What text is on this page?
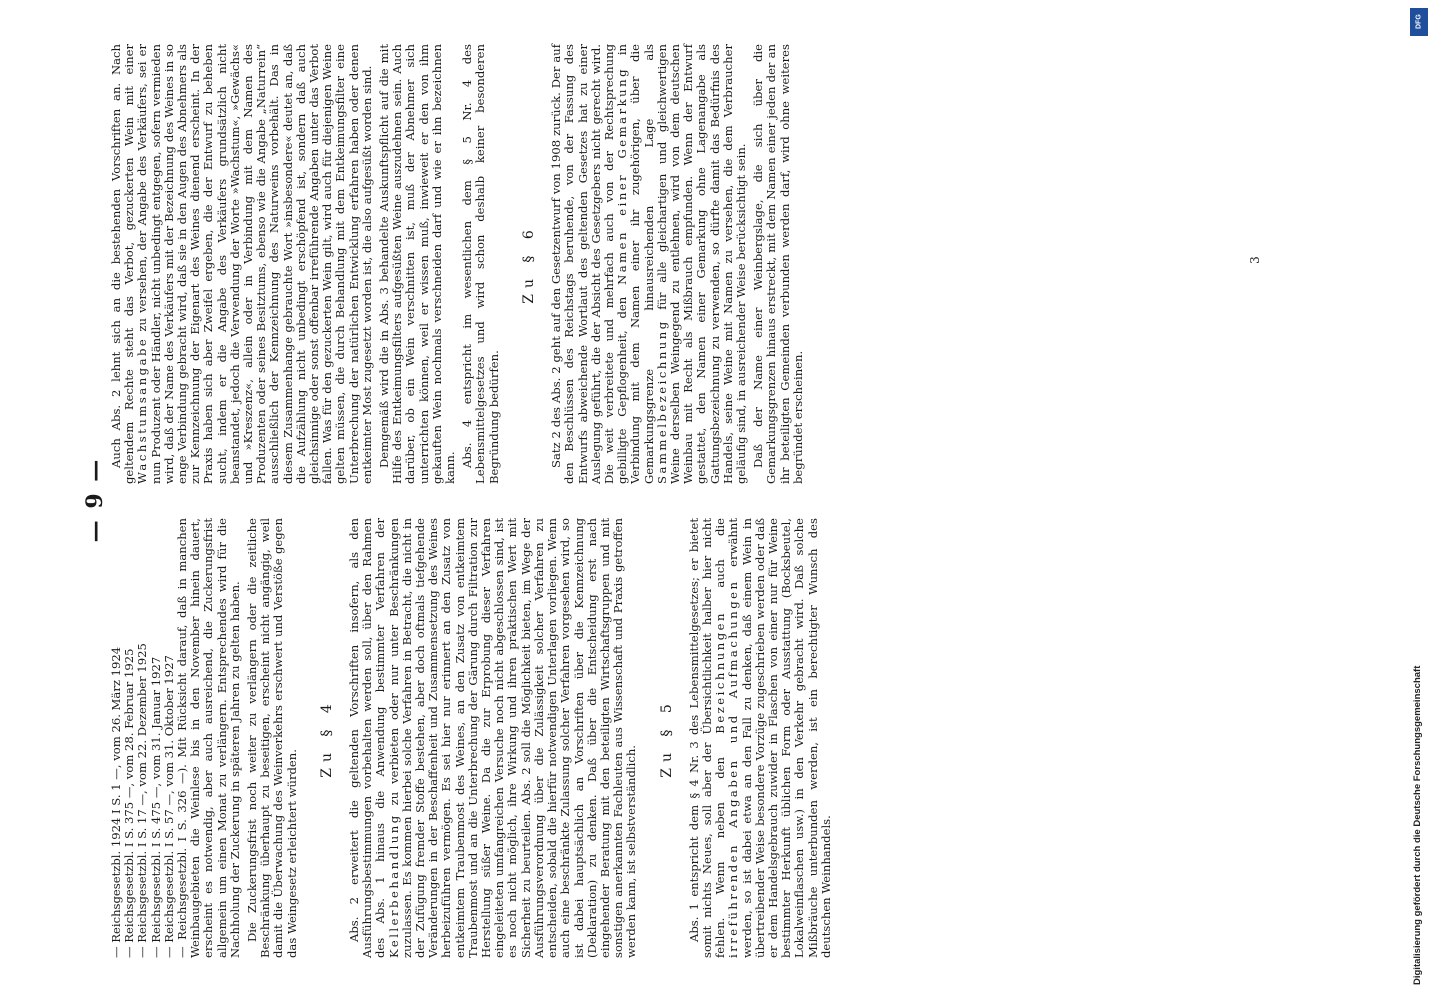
— 9 —
— Reichsgesetzbl. 1924 I S. 1 —, vom 26. März 1924 — Reichsgesetzbl. I S. 375 —, vom 28. Februar 1925 — Reichsgesetzbl. I S. 17 —, vom 22. Dezember 1925 — Reichsgesetzbl. I S. 475 —, vom 31. Januar 1927 — Reichsgesetzbl. I S. 57 —, vom 31. Oktober 1927 — Reichsgesetzbl. I S. 326 —). Mit Rücksicht darauf, daß in manchen Weinbaugebieten die Weinlese bis in den November hinein dauert, erscheint es notwendig, aber auch ausreichend, die Zuckerungsfrist allgemein um einen Monat zu verlängern. Entsprechendes wird für die Nachholung der Zuckerung in späteren Jahren zu gelten haben. Die Zuckerungsfrist noch weiter zu verlängern oder die zeitliche Beschränkung überhaupt zu beseitigen, erscheint nicht angängig, weil damit die Überwachung des Weinverkehrs erschwert und Verstöße gegen das Weingesetz erleichtert würden.

Zu § 4 Abs. 2 erweitert die geltenden Vorschriften insofern, als den Ausführungsbestimmungen vorbehalten werden soll, über den Rahmen des Abs. 1 hinaus die Anwendung bestimmter Verfahren der Kellerbehandlung zu verbieten oder nur unter Beschränkungen zuzulassen. Es kommen hierbei solche Verfahren in Betracht, die nicht in der Zufügung fremder Stoffe bestehen, aber doch oftmals tiefgehende Veränderungen in der Beschaffenheit und Zusammensetzung des Weines herbeizuführen vermögen. Es sei hier nur erinnert an den Zusatz von entkeimtem Traubenmost des Weines, an den Zusatz von entkeimtem Traubenmost und an die Unterbrechung der Gärung durch Filtration zur Herstellung süßer Weine. Da die zur Erprobung dieser Verfahren eingeleiteten umfangreichen Versuche noch nicht abgeschlossen sind, ist es noch nicht möglich, ihre Wirkung und ihren praktischen Wert mit Sicherheit zu beurteilen. Abs. 2 soll die Möglichkeit bieten, im Wege der Ausführungsverordnung über die Zulässigkeit solcher Verfahren zu entscheiden, sobald die hierfür notwendigen Unterlagen vorliegen. Wenn auch eine beschränkte Zulassung solcher Verfahren vorgesehen wird, so ist dabei hauptsächlich an Vorschriften über die Kennzeichnung (Deklaration) zu denken. Daß über die Entscheidung erst nach eingehender Beratung mit den beteiligten Wirtschaftsgruppen und mit sonstigen anerkannten Fachleuten aus Wissenschaft und Praxis getroffen werden kann, ist selbstverständlich.

Zu § 5 Abs. 1 entspricht dem § 4 Nr. 3 des Lebensmittelgesetzes; er bietet somit nichts Neues, soll aber der Übersichtlichkeit halber hier nicht fehlen. Wenn neben den Bezeichnungen auch die irreführenden Angaben und Aufmachungen erwähnt werden, so ist dabei etwa an den Fall zu denken, daß einem Wein in übertreibender Weise besondere Vorzüge zugeschrieben werden oder daß er dem Handelsgebrauch zuwider in Flaschen von einer nur für Weine bestimmter Herkunft üblichen Form oder Ausstattung (Bocksbeutel, Lokalweinflaschen usw.) in den Verkehr gebracht wird. Daß solche Mißbräuche unterbunden werden, ist ein berechtigter Wunsch des deutschen Weinhandels.

Auch Abs. 2 lehnt sich an die bestehenden Vorschriften an. Nach geltendem Rechte steht das Verbot, gezuckerten Wein mit einer Wachstumsangabe zu versehen, der Angabe des Verkäufers, sei er nun Produzent oder Händler, nicht unbedingt entgegen, sofern vermieden wird, daß der Name des Verkäufers mit der Bezeichnung des Weines in so enge Verbindung gebracht wird, daß sie in den Augen des Abnehmers als zur Kennzeichnung der Eigenart des Weines dienend erscheint. In der Praxis haben sich aber Zweifel ergeben, die der Entwurf zu beheben sucht, indem er die Angabe des Verkäufers grundsätzlich nicht beanstandet, jedoch die Verwendung der Worte »Wachstum«, »Gewächs« und »Kreszenz«, allein oder in Verbindung mit dem Namen des Produzenten oder seines Besitztums, ebenso wie die Angabe „Naturrein“ ausschließlich der Kennzeichnung des Naturweins vorbehält. Das in diesem Zusammenhange gebrauchte Wort »insbesondere« deutet an, daß die Aufzählung nicht unbedingt erschöpfend ist, sondern daß auch gleichsinnige oder sonst offenbar irreführende Angaben unter das Verbot fallen. Was für den gezuckerten Wein gilt, wird auch für diejenigen Weine gelten müssen, die durch Behandlung mit dem Entkeimungsfilter eine Unterbrechung der natürlichen Entwicklung erfahren haben oder denen entkeimter Most zugesetzt worden ist, die also aufgesüßt worden sind. Demgemäß wird die in Abs. 3 behandelte Auskunftspflicht auf die mit Hilfe des Entkeimungsfilters aufgesüßten Weine auszudehnen sein. Auch darüber, ob ein Wein verschnitten ist, muß der Abnehmer sich unterrichten können, weil er wissen muß, inwieweit er den von ihm gekauften Wein nochmals verschneiden darf und wie er ihn bezeichnen kann. Abs. 4 entspricht im wesentlichen dem § 5 Nr. 4 des Lebensmittelgesetzes und wird schon deshalb keiner besonderen Begründung bedürfen.

Zu § 6 Satz 2 des Abs. 2 geht auf den Gesetzentwurf von 1908 zurück. Der auf den Beschlüssen des Reichstags beruhende, von der Fassung des Entwurfs abweichende Wortlaut des geltenden Gesetzes hat zu einer Auslegung geführt, die der Absicht des Gesetzgebers nicht gerecht wird. Die weit verbreitete und mehrfach auch von der Rechtsprechung gebilligte Gepflogenheit, den Namen einer Gemarkung in Verbindung mit dem Namen einer ihr zugehörigen, über die Gemarkungsgrenze hinausreichenden Lage als Sammelbezeichnung für alle gleichartigen und gleichwertigen Weine derselben Weingegend zu entlehnen, wird von dem deutschen Weinbau mit Recht als Mißbrauch empfunden. Wenn der Entwurf gestattet, den Namen einer Gemarkung ohne Lagenangabe als Gattungsbezeichnung zu verwenden, so dürfte damit das Bedürfnis des Handels, seine Weine mit Namen zu versehen, die dem Verbraucher geläufig sind, in ausreichender Weise berücksichtigt sein. Daß der Name einer Weinbergslage, die sich über die Gemarkungsgrenzen hinaus erstreckt, mit dem Namen einer jeden der an ihr beteiligten Gemeinden verbunden werden darf, wird ohne weiteres begründet erscheinen.

3
DFG
Digitalisierung gefördert durch die Deutsche Forschungsgemeinschaft
